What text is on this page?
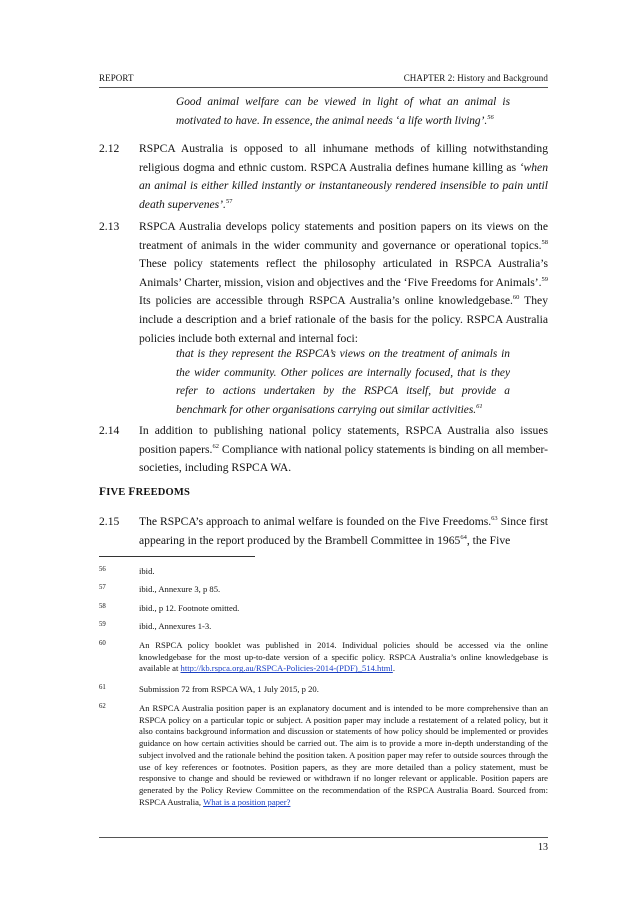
REPORT	CHAPTER 2: History and Background
Good animal welfare can be viewed in light of what an animal is motivated to have. In essence, the animal needs ‘a life worth living’.$^{56}$
2.12 RSPCA Australia is opposed to all inhumane methods of killing notwithstanding religious dogma and ethnic custom. RSPCA Australia defines humane killing as ‘when an animal is either killed instantly or instantaneously rendered insensible to pain until death supervenes’.$^{57}$
2.13 RSPCA Australia develops policy statements and position papers on its views on the treatment of animals in the wider community and governance or operational topics.$^{58}$ These policy statements reflect the philosophy articulated in RSPCA Australia’s Animals’ Charter, mission, vision and objectives and the ‘Five Freedoms for Animals’.$^{59}$ Its policies are accessible through RSPCA Australia’s online knowledgebase.$^{60}$ They include a description and a brief rationale of the basis for the policy. RSPCA Australia policies include both external and internal foci:
that is they represent the RSPCA’s views on the treatment of animals in the wider community. Other polices are internally focused, that is they refer to actions undertaken by the RSPCA itself, but provide a benchmark for other organisations carrying out similar activities.$^{61}$
2.14 In addition to publishing national policy statements, RSPCA Australia also issues position papers.$^{62}$ Compliance with national policy statements is binding on all member-societies, including RSPCA WA.
FIVE FREEDOMS
2.15 The RSPCA’s approach to animal welfare is founded on the Five Freedoms.$^{63}$ Since first appearing in the report produced by the Brambell Committee in 1965$^{64}$, the Five
56	ibid.
57	ibid., Annexure 3, p 85.
58	ibid., p 12. Footnote omitted.
59	ibid., Annexures 1-3.
60	An RSPCA policy booklet was published in 2014. Individual policies should be accessed via the online knowledgebase for the most up-to-date version of a specific policy. RSPCA Australia’s online knowledgebase is available at http://kb.rspca.org.au/RSPCA-Policies-2014-(PDF)_514.html.
61	Submission 72 from RSPCA WA, 1 July 2015, p 20.
62	An RSPCA Australia position paper is an explanatory document and is intended to be more comprehensive than an RSPCA policy on a particular topic or subject. A position paper may include a restatement of a related policy, but it also contains background information and discussion or statements of how policy should be implemented or provides guidance on how certain activities should be carried out. The aim is to provide a more in-depth understanding of the subject involved and the rationale behind the position taken. A position paper may refer to outside sources through the use of key references or footnotes. Position papers, as they are more detailed than a policy statement, must be responsive to change and should be reviewed or withdrawn if no longer relevant or applicable. Position papers are generated by the Policy Review Committee on the recommendation of the RSPCA Australia Board. Sourced from: RSPCA Australia, What is a position paper?
13
